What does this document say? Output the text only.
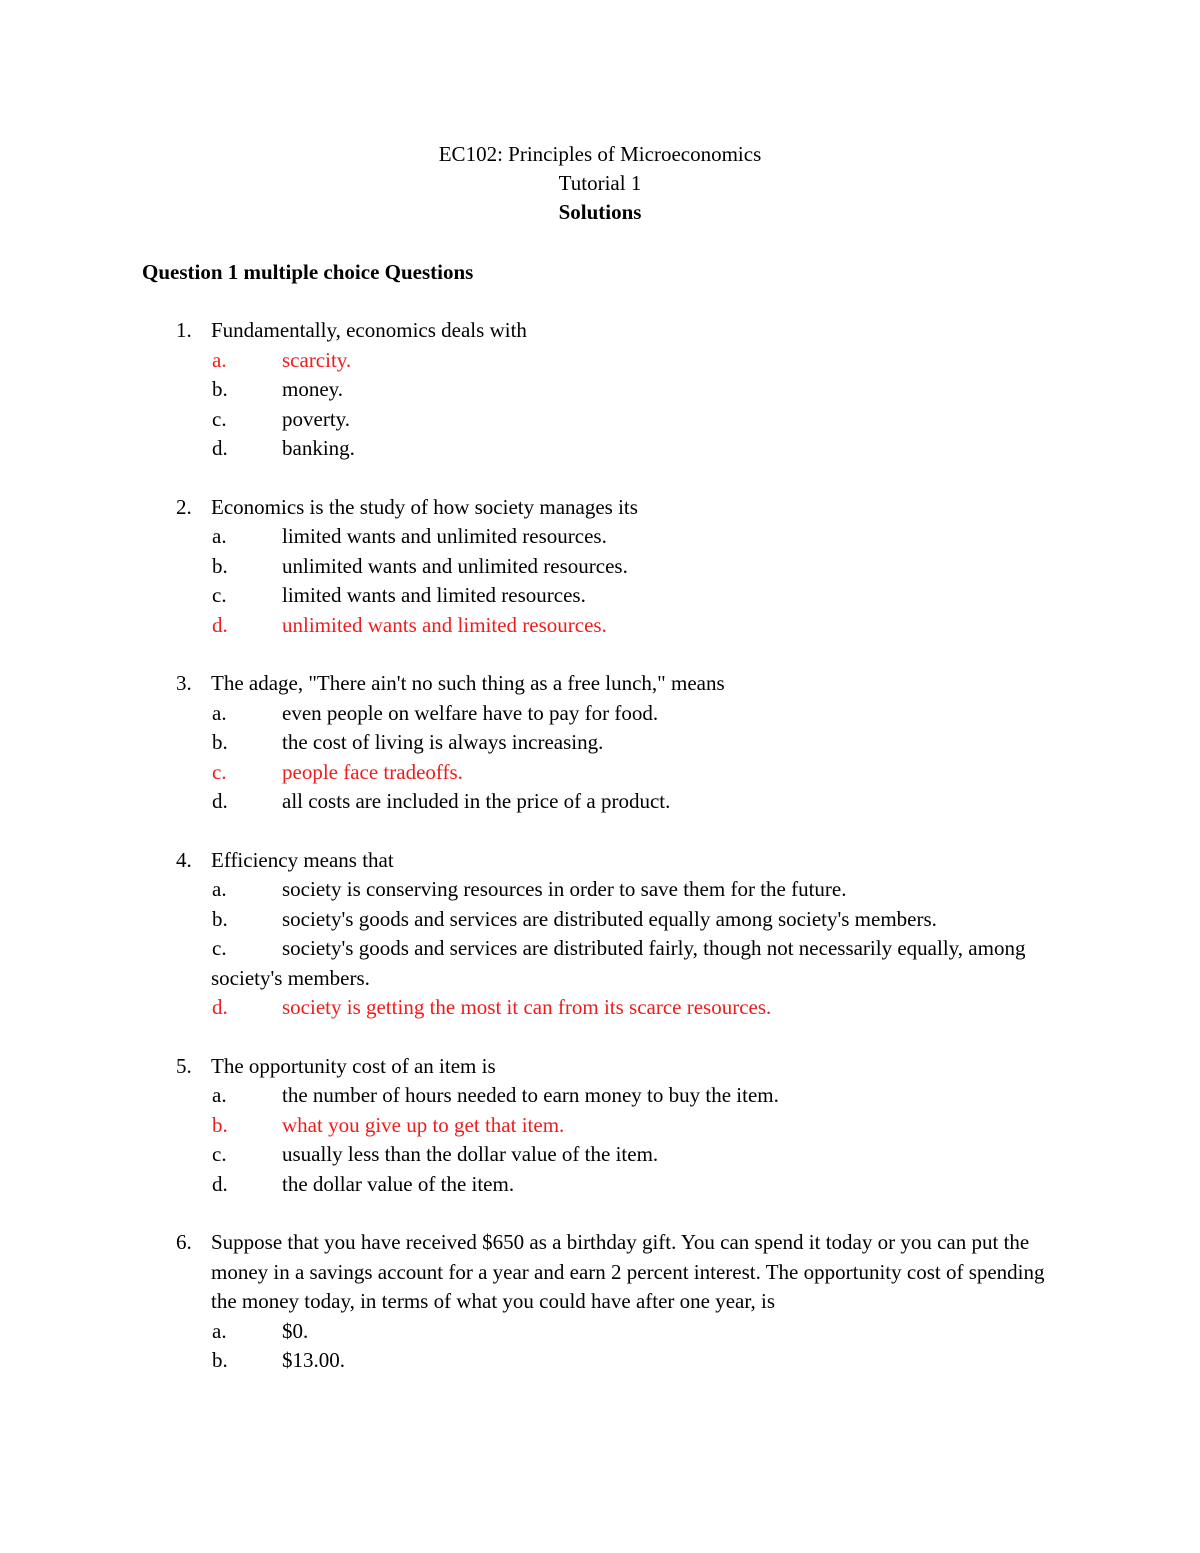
EC102: Principles of Microeconomics
Tutorial 1
Solutions
Question 1 multiple choice Questions
1. Fundamentally, economics deals with
a.	scarcity.
b.	money.
c.	poverty.
d.	banking.
2. Economics is the study of how society manages its
a.	limited wants and unlimited resources.
b.	unlimited wants and unlimited resources.
c.	limited wants and limited resources.
d.	unlimited wants and limited resources.
3. The adage, "There ain't no such thing as a free lunch," means
a.	even people on welfare have to pay for food.
b.	the cost of living is always increasing.
c.	people face tradeoffs.
d.	all costs are included in the price of a product.
4. Efficiency means that
a.	society is conserving resources in order to save them for the future.
b.	society's goods and services are distributed equally among society's members.
c.	society's goods and services are distributed fairly, though not necessarily equally, among society's members.
d.	society is getting the most it can from its scarce resources.
5. The opportunity cost of an item is
a.	the number of hours needed to earn money to buy the item.
b.	what you give up to get that item.
c.	usually less than the dollar value of the item.
d.	the dollar value of the item.
6. Suppose that you have received $650 as a birthday gift. You can spend it today or you can put the money in a savings account for a year and earn 2 percent interest. The opportunity cost of spending the money today, in terms of what you could have after one year, is
a.	$0.
b.	$13.00.
